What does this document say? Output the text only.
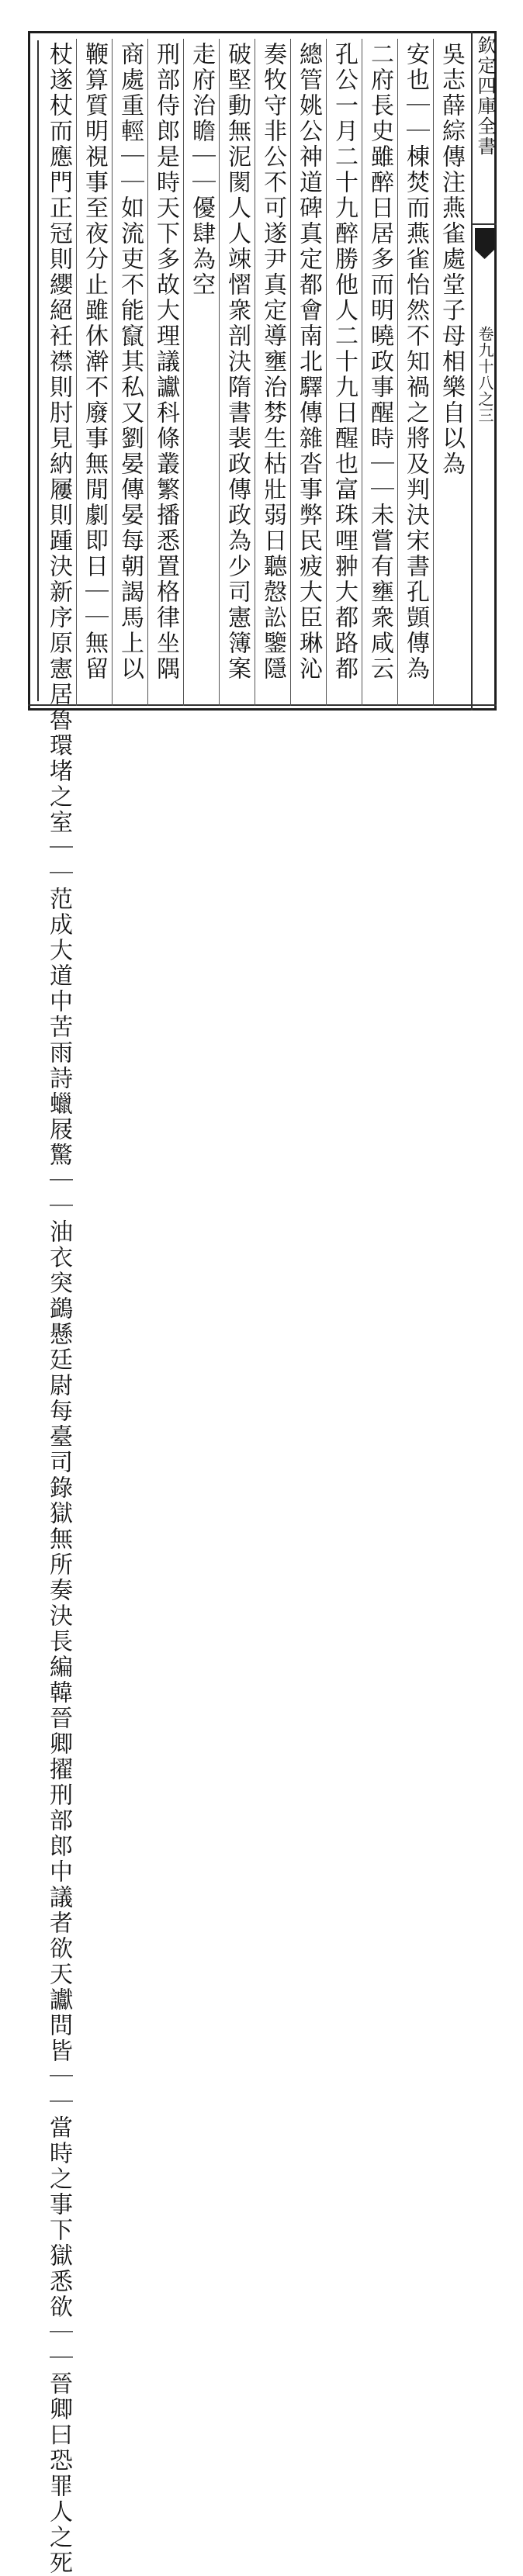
欽定四庫全書
卷九十八之三
吳志薛綜傳注燕雀處堂子母相樂自以為
安也｜｜棟焚而燕雀怡然不知禍之將及判決宋書孔顗傳為
二府長史雖醉日居多而明曉政事醒時｜｜未嘗有壅衆咸云
孔公一月二十九醉勝他人二十九日醒也富珠哩翀大都路都
總管姚公神道碑真定都會南北驛傳雜沓事弊民疲大臣琳沁
奏牧守非公不可遂尹真定導壅治棼生枯壯弱日聽慤訟鑒隱
破堅動無泥閡人人竦慴衆剖決隋書裴政傳政為少司憲簿案
走府治瞻｜｜優肆為空
刑部侍郎是時天下多故大理議讞科條叢繁播悉置格律坐隅
商處重輕｜｜如流吏不能竄其私又劉晏傳晏每朝謁馬上以
鞭算質明視事至夜分止雖休澣不廢事無閒劇即日｜｜無留
杖遂杖而應門正冠則纓絕衽襟則肘見納屨則踵決新序原憲居魯環堵之室｜｜范成大道中苦雨詩蠟屐驚｜｜油衣突鷁懸廷尉每臺司錄獄無所奏決長編韓晉卿擢刑部郎中議者欲天讞問皆｜｜當時之事下獄悉欲｜｜晉卿曰恐罪人之死
